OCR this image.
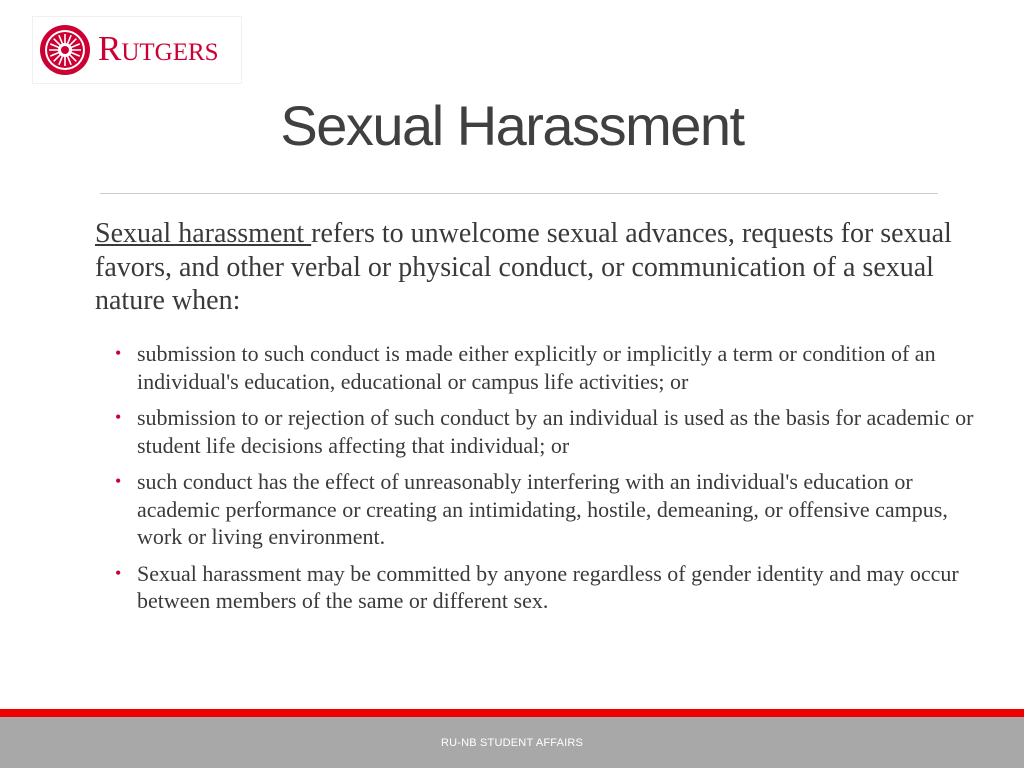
Rutgers
Sexual Harassment

Sexual harassment refers to unwelcome sexual advances, requests for sexual favors, and other verbal or physical conduct, or communication of a sexual nature when:

• submission to such conduct is made either explicitly or implicitly a term or condition of an individual's education, educational or campus life activities; or
• submission to or rejection of such conduct by an individual is used as the basis for academic or student life decisions affecting that individual; or
• such conduct has the effect of unreasonably interfering with an individual's education or academic performance or creating an intimidating, hostile, demeaning, or offensive campus, work or living environment.
• Sexual harassment may be committed by anyone regardless of gender identity and may occur between members of the same or different sex.
RU-NB STUDENT AFFAIRS
